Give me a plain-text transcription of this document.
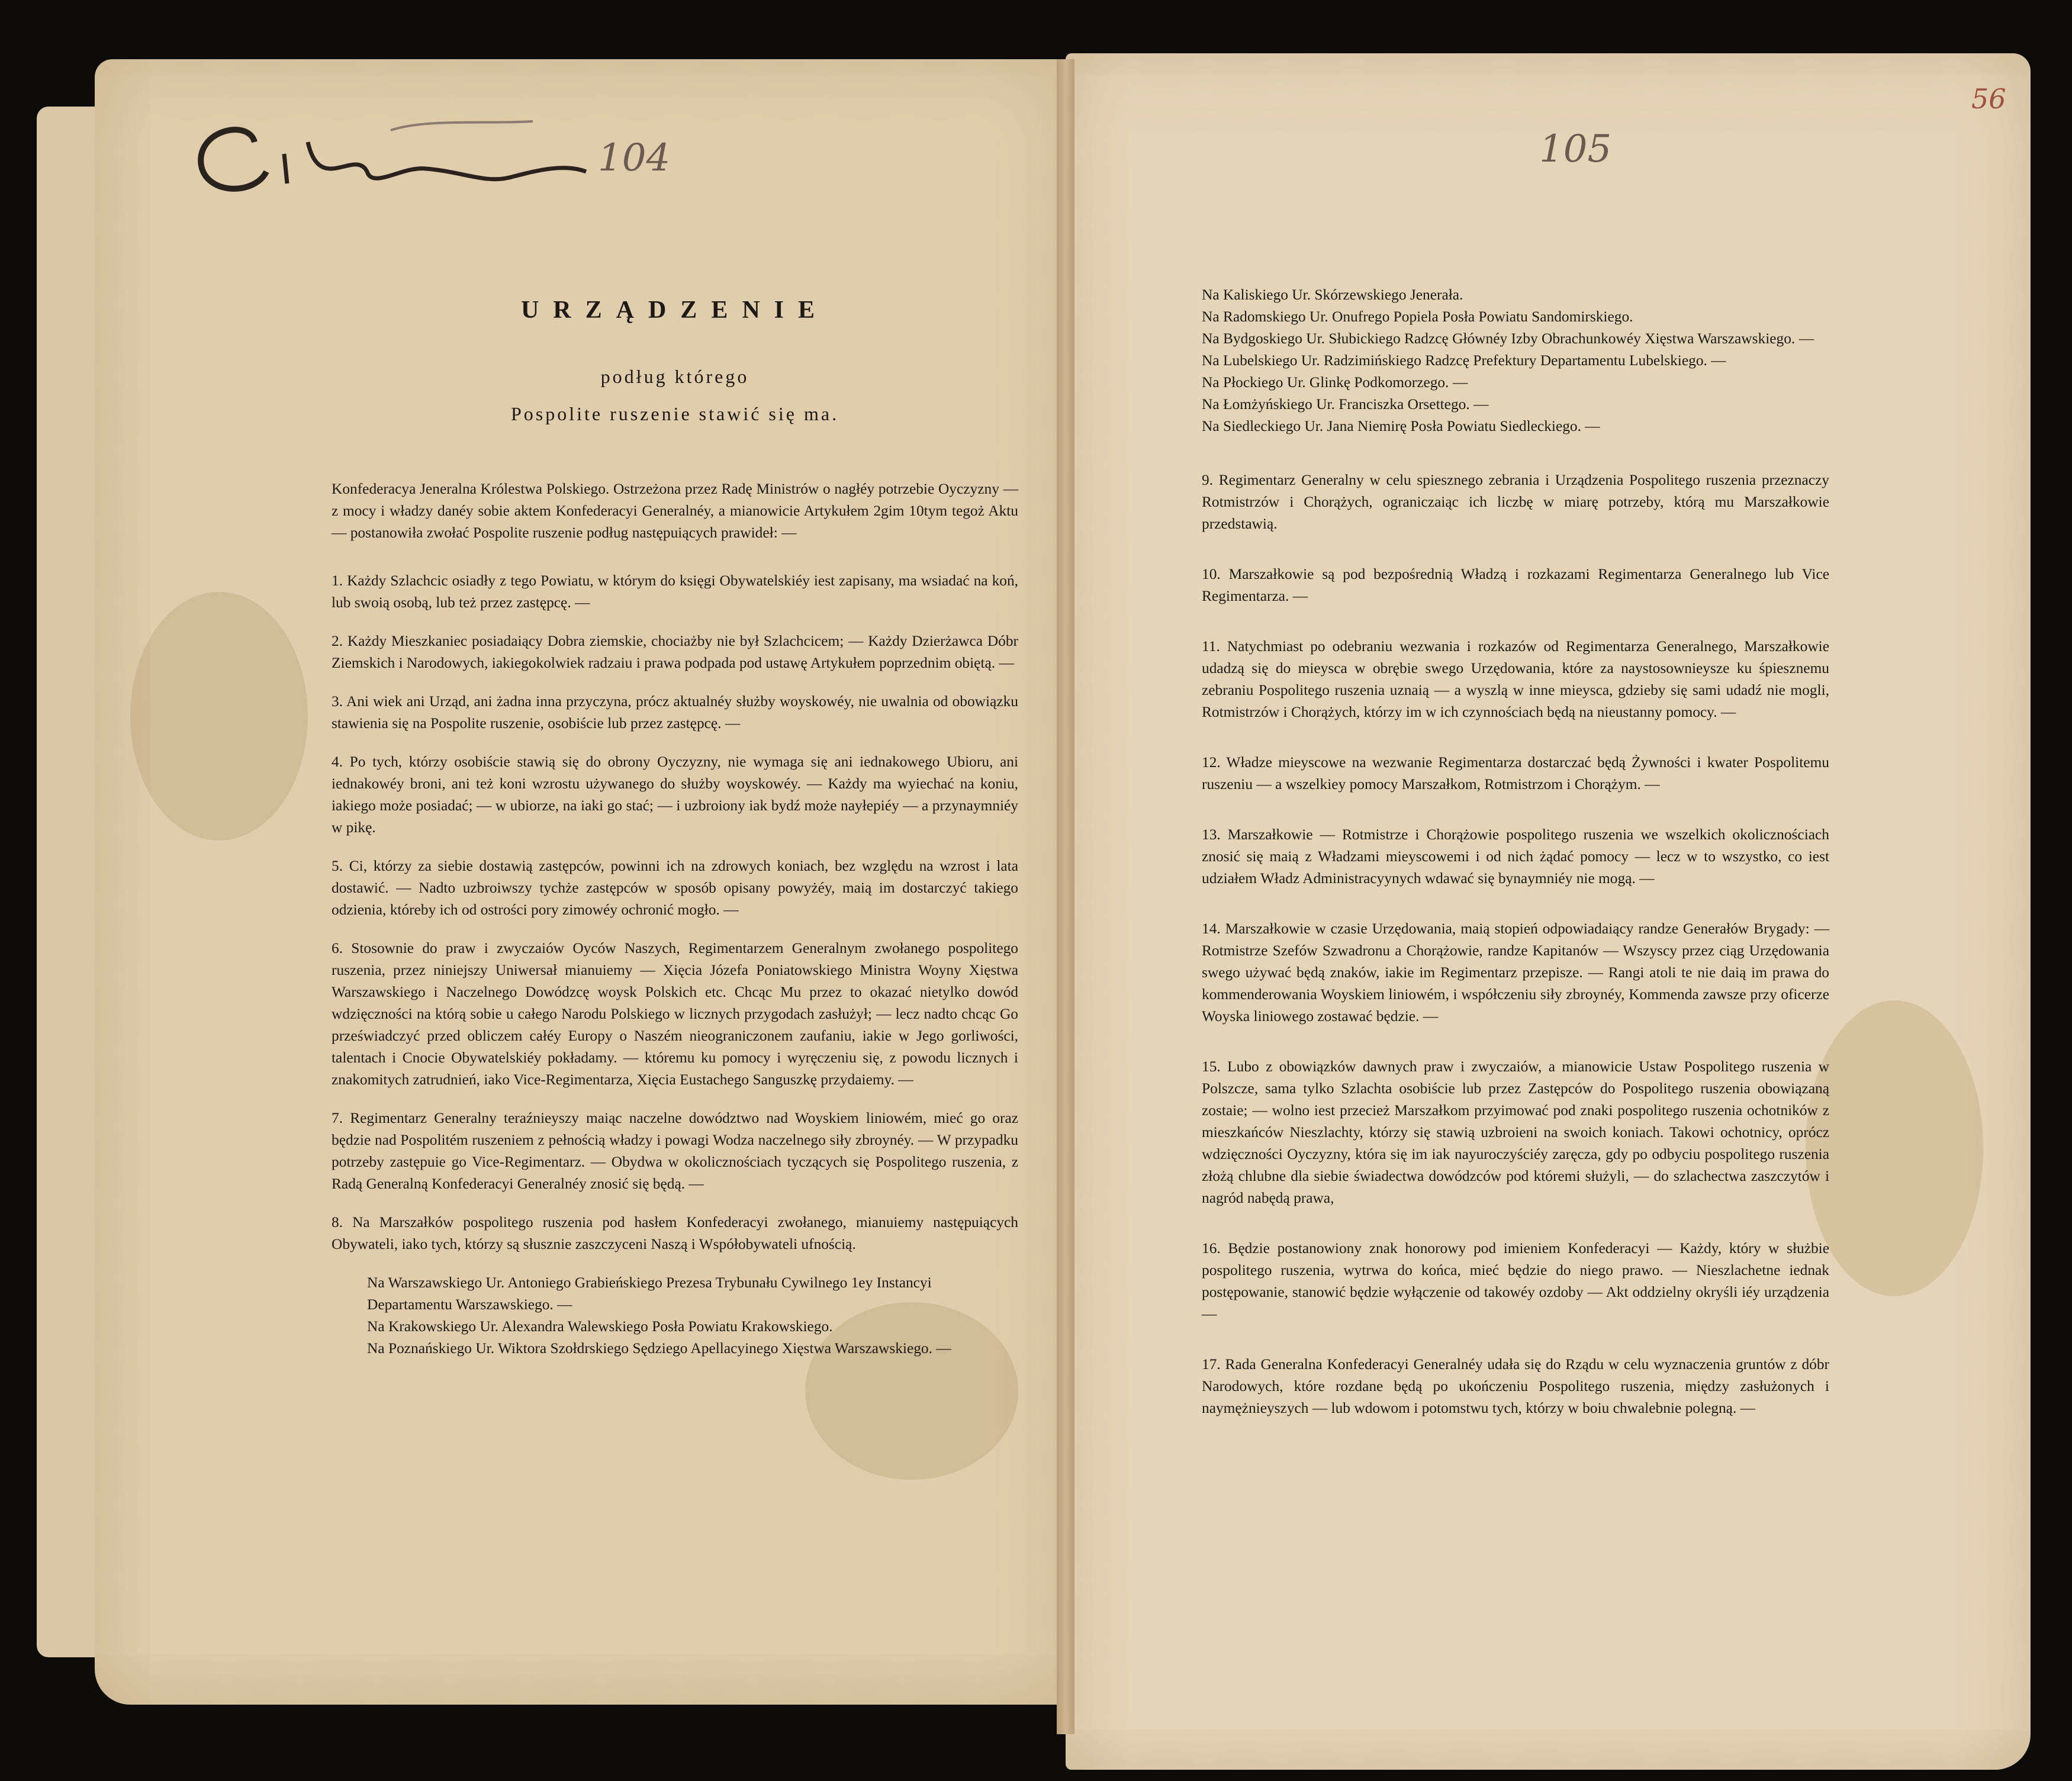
104	105
56
URZĄDZENIE
podług którego
Pospolite ruszenie stawić się ma.

Konfederacya Jeneralna Królestwa Polskiego. Ostrzeżona przez Radę Ministrów o nagłéy potrzebie Oyczyzny — z mocy i władzy danéy sobie aktem Konfederacyi Generalnéy, a mianowicie Artykułem 2gim 10tym tegoż Aktu — postanowiła zwołać Pospolite ruszenie podług następuiących prawideł: —

1. Każdy Szlachcic osiadły z tego Powiatu, w którym do księgi Obywatelskiéy iest zapisany, ma wsiadać na koń, lub swoią osobą, lub też przez zastępcę. —

2. Każdy Mieszkaniec posiadaiący Dobra ziemskie, chociażby nie był Szlachcicem; — Każdy Dzierżawca Dóbr Ziemskich i Narodowych, iakiegokolwiek radzaiu i prawa podpada pod ustawę Artykułem poprzednim obiętą. —

3. Ani wiek ani Urząd, ani żadna inna przyczyna, prócz aktualnéy służby woyskowéy, nie uwalnia od obowiązku stawienia się na Pospolite ruszenie, osobiście lub przez zastępcę. —

4. Po tych, którzy osobiście stawią się do obrony Oyczyzny, nie wymaga się ani iednakowego Ubioru, ani iednakowéy broni, ani też koni wzrostu używanego do służby woyskowéy. — Każdy ma wyiechać na koniu, iakiego może posiadać; — w ubiorze, na iaki go stać; — i uzbroiony iak bydź może nayłepiéy — a przynaymniéy w pikę.

5. Ci, którzy za siebie dostawią zastępców, powinni ich na zdrowych koniach, bez względu na wzrost i lata dostawić. — Nadto uzbroiwszy tychże zastępców w sposób opisany powyżéy, maią im dostarczyć takiego odzienia, któreby ich od ostrości pory zimowéy ochronić mogło. —

6. Stosownie do praw i zwyczaiów Oyców Naszych, Regimentarzem Generalnym zwołanego pospolitego ruszenia, przez niniejszy Uniwersał mianuiemy — Xięcia Józefa Poniatowskiego Ministra Woyny Xięstwa Warszawskiego i Naczelnego Dowódzcę woysk Polskich etc. Chcąc Mu przez to okazać nietylko dowód wdzięczności na którą sobie u całego Narodu Polskiego w licznych przygodach zasłużył; — lecz nadto chcąc Go przeświadczyć przed obliczem całéy Europy o Naszém nieograniczonem zaufaniu, iakie w Jego gorliwości, talentach i Cnocie Obywatelskiéy pokładamy. — któremu ku pomocy i wyręczeniu się, z powodu licznych i znakomitych zatrudnień, iako Vice-Regimentarza, Xięcia Eustachego Sanguszkę przydaiemy. —

7. Regimentarz Generalny teraźnieyszy maiąc naczelne dowództwo nad Woyskiem liniowém, mieć go oraz będzie nad Pospolitém ruszeniem z pełnością władzy i powagi Wodza naczelnego siły zbroynéy. — W przypadku potrzeby zastępuie go Vice-Regimentarz. — Obydwa w okolicznościach tyczących się Pospolitego ruszenia, z Radą Generalną Konfederacyi Generalnéy znosić się będą. —

8. Na Marszałków pospolitego ruszenia pod hasłem Konfederacyi zwołanego, mianuiemy następuiących Obywateli, iako tych, którzy są słusznie zaszczyceni Naszą i Współobywateli ufnością.

Na Warszawskiego Ur. Antoniego Grabieńskiego Prezesa Trybunału Cywilnego 1ey Instancyi Departamentu Warszawskiego. —
Na Krakowskiego Ur. Alexandra Walewskiego Posła Powiatu Krakowskiego.
Na Poznańskiego Ur. Wiktora Szołdrskiego Sędziego Apellacyinego Xięstwa Warszawskiego. —
Na Kaliskiego Ur. Skórzewskiego Jenerała.
Na Radomskiego Ur. Onufrego Popiela Posła Powiatu Sandomirskiego.
Na Bydgoskiego Ur. Słubickiego Radzcę Głównéy Izby Obrachunkowéy Xięstwa Warszawskiego. —
Na Lubelskiego Ur. Radzimińskiego Radzcę Prefektury Departamentu Lubelskiego. —
Na Płockiego Ur. Glinkę Podkomorzego. —
Na Łomżyńskiego Ur. Franciszka Orsettego. —
Na Siedleckiego Ur. Jana Niemirę Posła Powiatu Siedleckiego. —

9. Regimentarz Generalny w celu spiesznego zebrania i Urządzenia Pospolitego ruszenia przeznaczy Rotmistrzów i Chorążych, ograniczaiąc ich liczbę w miarę potrzeby, którą mu Marszałkowie przedstawią.

10. Marszałkowie są pod bezpośrednią Władzą i rozkazami Regimentarza Generalnego lub Vice Regimentarza. —

11. Natychmiast po odebraniu wezwania i rozkazów od Regimentarza Generalnego, Marszałkowie udadzą się do mieysca w obrębie swego Urzędowania, które za naystosownieysze ku śpiesznemu zebraniu Pospolitego ruszenia uznaią — a wyszlą w inne mieysca, gdzieby się sami udadź nie mogli, Rotmistrzów i Chorążych, którzy im w ich czynnościach będą na nieustanny pomocy. —

12. Władze mieyscowe na wezwanie Regimentarza dostarczać będą Żywności i kwater Pospolitemu ruszeniu — a wszelkiey pomocy Marszałkom, Rotmistrzom i Chorążym. —

13. Marszałkowie — Rotmistrze i Chorążowie pospolitego ruszenia we wszelkich okolicznościach znosić się maią z Władzami mieyscowemi i od nich żądać pomocy — lecz w to wszystko, co iest udziałem Władz Administracyynych wdawać się bynaymniéy nie mogą. —

14. Marszałkowie w czasie Urzędowania, maią stopień odpowiadaiący randze Generałów Brygady: — Rotmistrze Szefów Szwadronu a Chorążowie, randze Kapitanów — Wszyscy przez ciąg Urzędowania swego używać będą znaków, iakie im Regimentarz przepisze. — Rangi atoli te nie daią im prawa do kommenderowania Woyskiem liniowém, i współczeniu siły zbroynéy, Kommenda zawsze przy oficerze Woyska liniowego zostawać będzie. —

15. Lubo z obowiązków dawnych praw i zwyczaiów, a mianowicie Ustaw Pospolitego ruszenia w Polszcze, sama tylko Szlachta osobiście lub przez Zastępców do Pospolitego ruszenia obowiązaną zostaie; — wolno iest przecież Marszałkom przyimować pod znaki pospolitego ruszenia ochotników z mieszkańców Nieszlachty, którzy się stawią uzbroieni na swoich koniach. Takowi ochotnicy, oprócz wdzięczności Oyczyzny, która się im iak nayuroczyściéy zaręcza, gdy po odbyciu pospolitego ruszenia złożą chlubne dla siebie świadectwa dowódzców pod któremi służyli, — do szlachectwa zaszczytów i nagród nabędą prawa,

16. Będzie postanowiony znak honorowy pod imieniem Konfederacyi — Każdy, który w służbie pospolitego ruszenia, wytrwa do końca, mieć będzie do niego prawo. — Nieszlachetne iednak postępowanie, stanowić będzie wyłączenie od takowéy ozdoby — Akt oddzielny okryśli iéy urządzenia —

17. Rada Generalna Konfederacyi Generalnéy udała się do Rządu w celu wyznaczenia gruntów z dóbr Narodowych, które rozdane będą po ukończeniu Pospolitego ruszenia, między zasłużonych i naymężnieyszych — lub wdowom i potomstwu tych, którzy w boiu chwalebnie polegną. —
